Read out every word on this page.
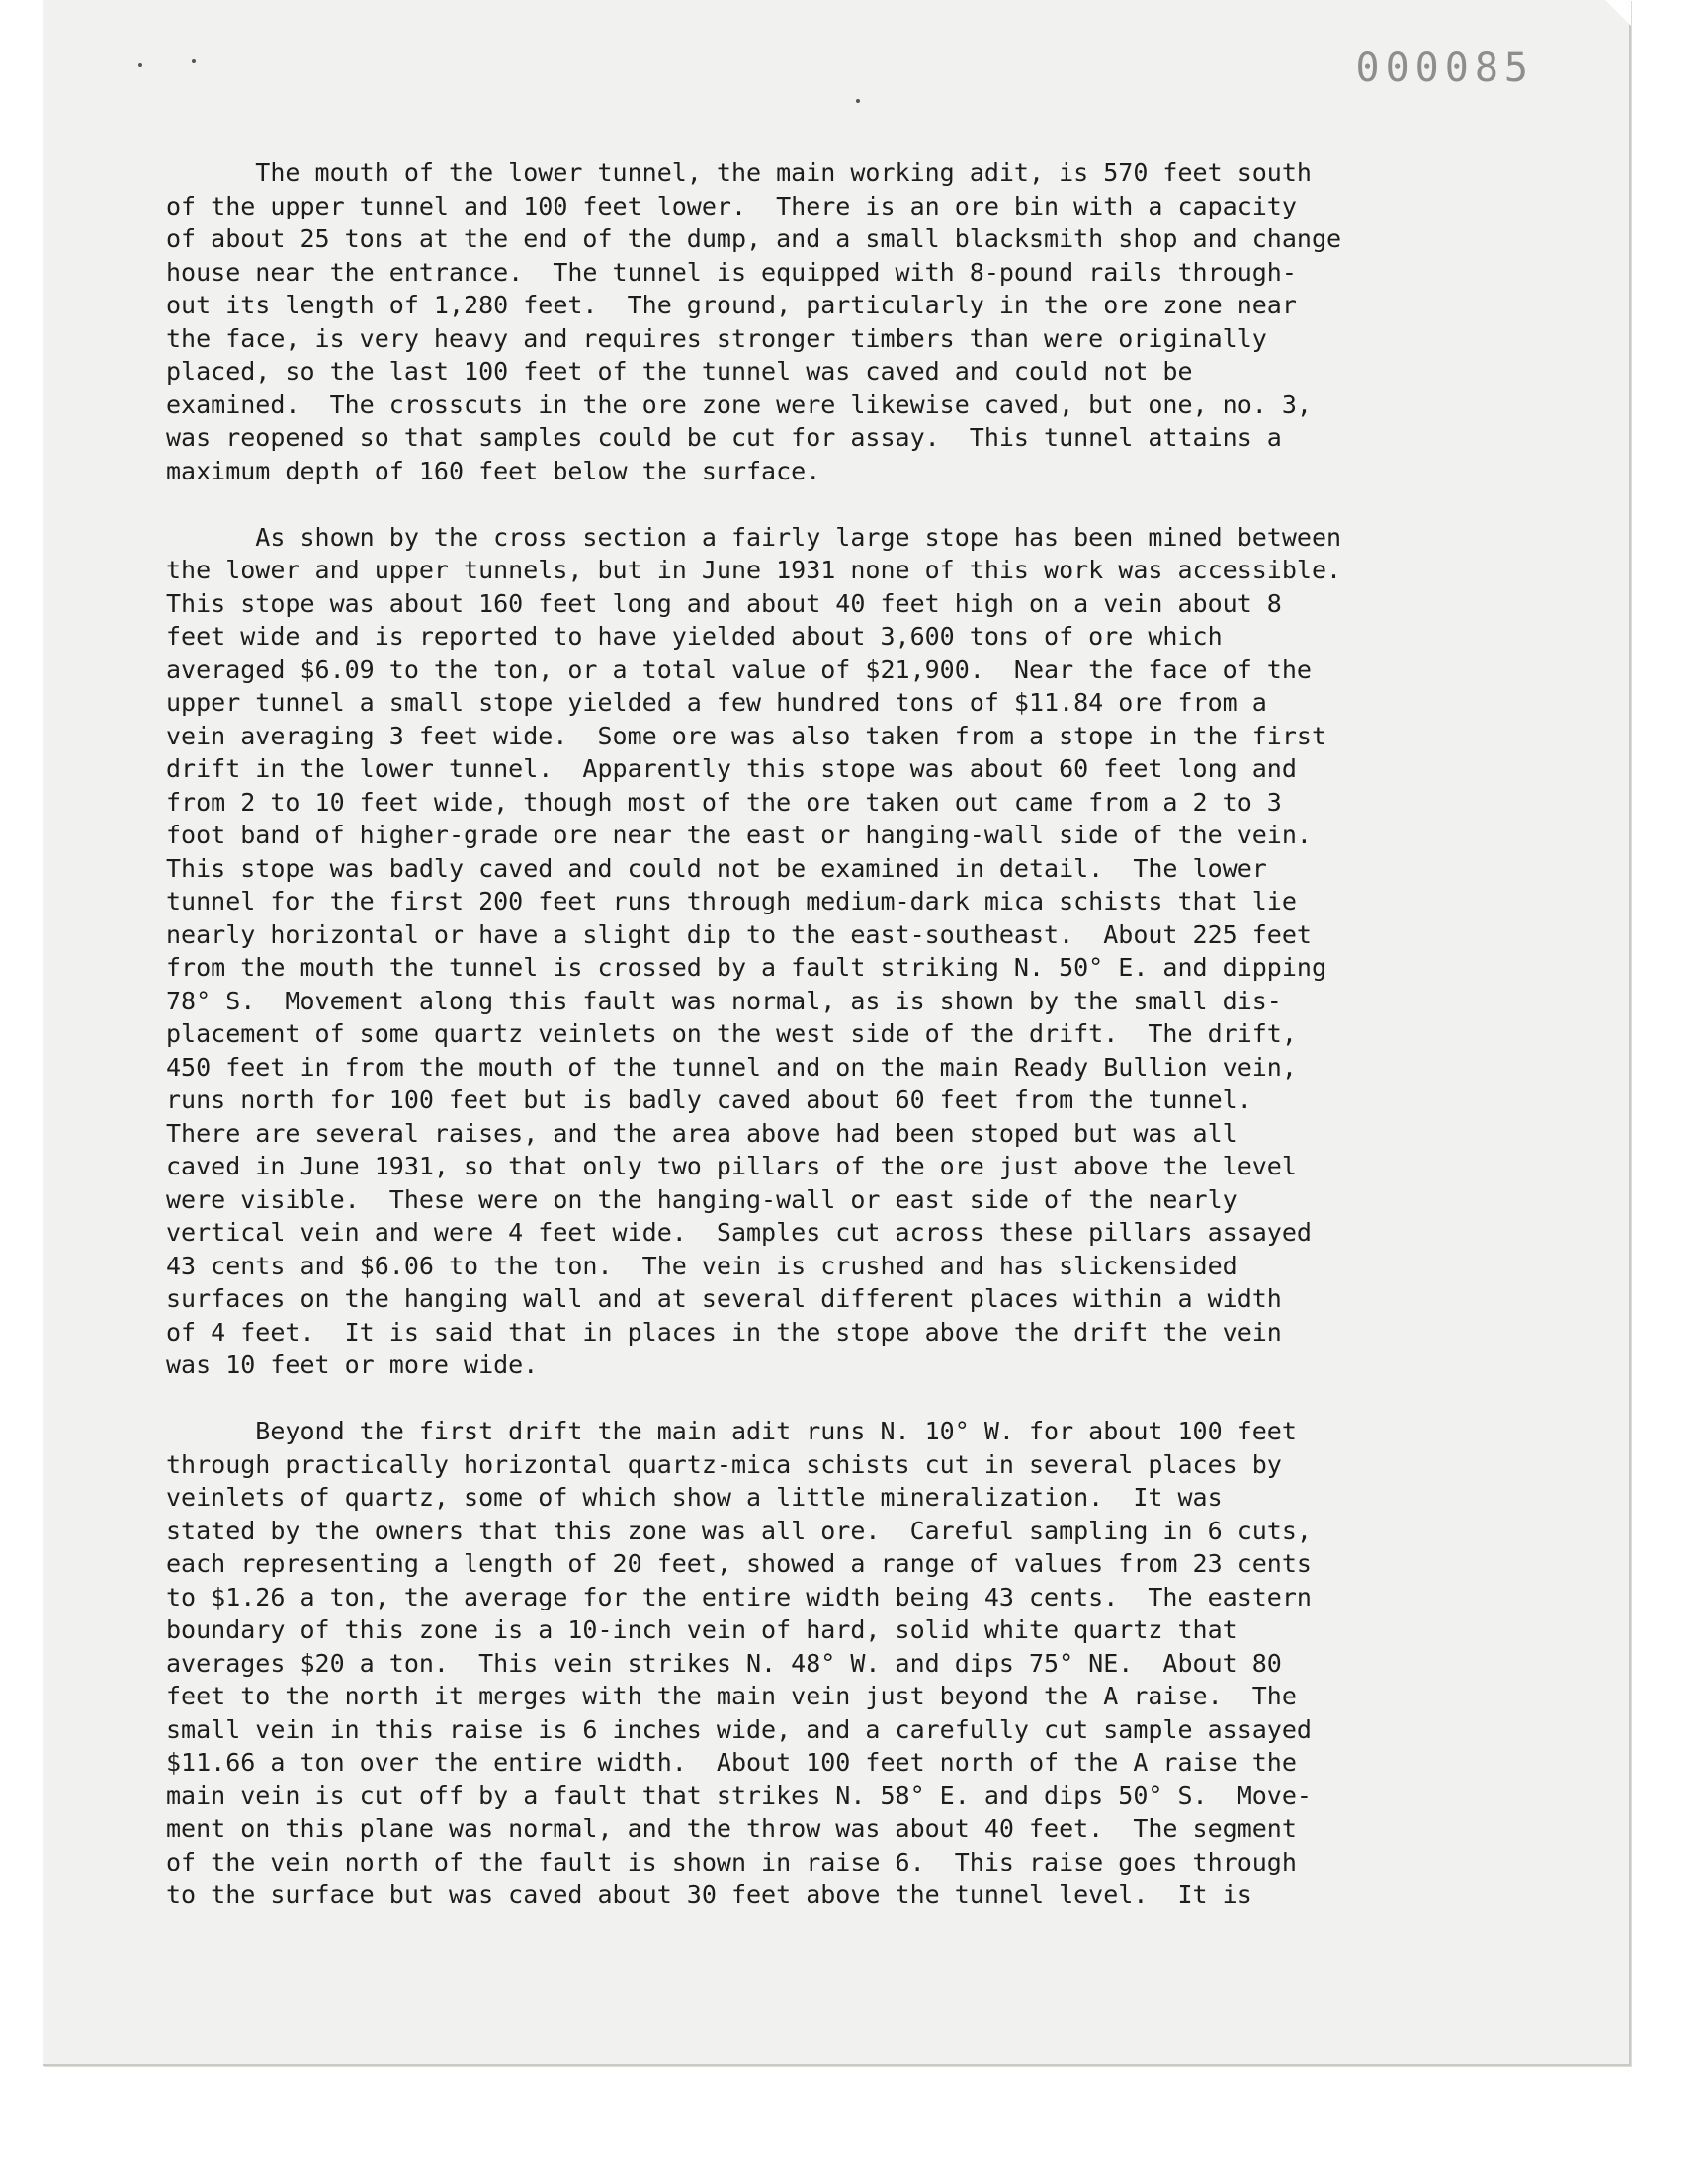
000085
The mouth of the lower tunnel, the main working adit, is 570 feet south
of the upper tunnel and 100 feet lower.  There is an ore bin with a capacity
of about 25 tons at the end of the dump, and a small blacksmith shop and change
house near the entrance.  The tunnel is equipped with 8-pound rails through-
out its length of 1,280 feet.  The ground, particularly in the ore zone near
the face, is very heavy and requires stronger timbers than were originally
placed, so the last 100 feet of the tunnel was caved and could not be
examined.  The crosscuts in the ore zone were likewise caved, but one, no. 3,
was reopened so that samples could be cut for assay.  This tunnel attains a
maximum depth of 160 feet below the surface.
As shown by the cross section a fairly large stope has been mined between
the lower and upper tunnels, but in June 1931 none of this work was accessible.
This stope was about 160 feet long and about 40 feet high on a vein about 8
feet wide and is reported to have yielded about 3,600 tons of ore which
averaged $6.09 to the ton, or a total value of $21,900.  Near the face of the
upper tunnel a small stope yielded a few hundred tons of $11.84 ore from a
vein averaging 3 feet wide.  Some ore was also taken from a stope in the first
drift in the lower tunnel.  Apparently this stope was about 60 feet long and
from 2 to 10 feet wide, though most of the ore taken out came from a 2 to 3
foot band of higher-grade ore near the east or hanging-wall side of the vein.
This stope was badly caved and could not be examined in detail.  The lower
tunnel for the first 200 feet runs through medium-dark mica schists that lie
nearly horizontal or have a slight dip to the east-southeast.  About 225 feet
from the mouth the tunnel is crossed by a fault striking N. 50° E. and dipping
78° S.  Movement along this fault was normal, as is shown by the small dis-
placement of some quartz veinlets on the west side of the drift.  The drift,
450 feet in from the mouth of the tunnel and on the main Ready Bullion vein,
runs north for 100 feet but is badly caved about 60 feet from the tunnel.
There are several raises, and the area above had been stoped but was all
caved in June 1931, so that only two pillars of the ore just above the level
were visible.  These were on the hanging-wall or east side of the nearly
vertical vein and were 4 feet wide.  Samples cut across these pillars assayed
43 cents and $6.06 to the ton.  The vein is crushed and has slickensided
surfaces on the hanging wall and at several different places within a width
of 4 feet.  It is said that in places in the stope above the drift the vein
was 10 feet or more wide.
Beyond the first drift the main adit runs N. 10° W. for about 100 feet
through practically horizontal quartz-mica schists cut in several places by
veinlets of quartz, some of which show a little mineralization.  It was
stated by the owners that this zone was all ore.  Careful sampling in 6 cuts,
each representing a length of 20 feet, showed a range of values from 23 cents
to $1.26 a ton, the average for the entire width being 43 cents.  The eastern
boundary of this zone is a 10-inch vein of hard, solid white quartz that
averages $20 a ton.  This vein strikes N. 48° W. and dips 75° NE.  About 80
feet to the north it merges with the main vein just beyond the A raise.  The
small vein in this raise is 6 inches wide, and a carefully cut sample assayed
$11.66 a ton over the entire width.  About 100 feet north of the A raise the
main vein is cut off by a fault that strikes N. 58° E. and dips 50° S.  Move-
ment on this plane was normal, and the throw was about 40 feet.  The segment
of the vein north of the fault is shown in raise 6.  This raise goes through
to the surface but was caved about 30 feet above the tunnel level.  It is
